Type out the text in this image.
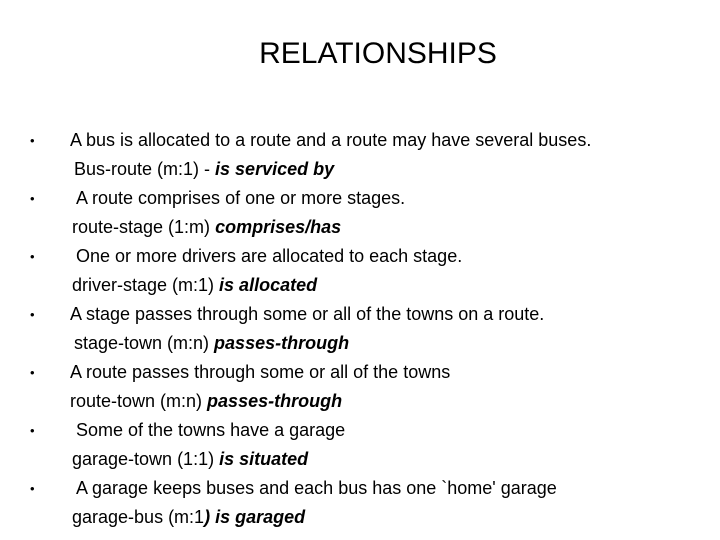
RELATIONSHIPS
• A bus is allocated to a route and a route may have several buses.
Bus-route (m:1) - is serviced by
• A route comprises of one or more stages.
route-stage (1:m) comprises/has
• One or more drivers are allocated to each stage.
driver-stage (m:1) is allocated
• A stage passes through some or all of the towns on a route.
stage-town (m:n) passes-through
• A route passes through some or all of the towns
route-town (m:n) passes-through
• Some of the towns have a garage
garage-town (1:1) is situated
• A garage keeps buses and each bus has one `home' garage
garage-bus (m:1) is garaged
